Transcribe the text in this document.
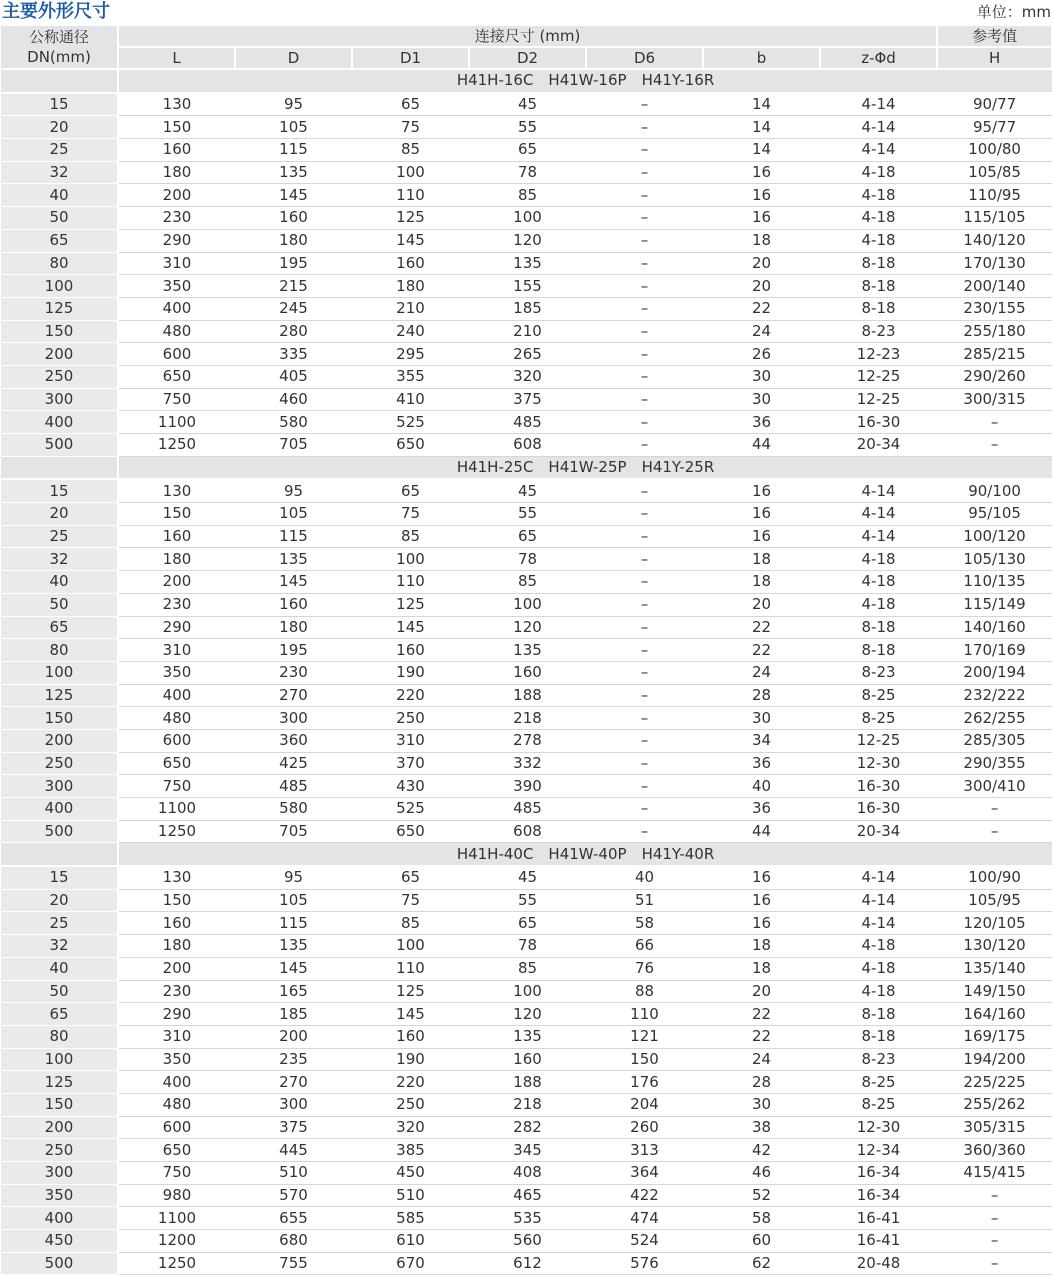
主要外形尺寸	单位：mm
公称通径
DN(mm)	连接尺寸 (mm)							参考值
	L	D	D1	D2	D6	b	z-Φd	H
	H41H-16C　H41W-16P　H41Y-16R							
15	130	95	65	45	–	14	4-14	90/77
20	150	105	75	55	–	14	4-14	95/77
25	160	115	85	65	–	14	4-14	100/80
32	180	135	100	78	–	16	4-18	105/85
40	200	145	110	85	–	16	4-18	110/95
50	230	160	125	100	–	16	4-18	115/105
65	290	180	145	120	–	18	4-18	140/120
80	310	195	160	135	–	20	8-18	170/130
100	350	215	180	155	–	20	8-18	200/140
125	400	245	210	185	–	22	8-18	230/155
150	480	280	240	210	–	24	8-23	255/180
200	600	335	295	265	–	26	12-23	285/215
250	650	405	355	320	–	30	12-25	290/260
300	750	460	410	375	–	30	12-25	300/315
400	1100	580	525	485	–	36	16-30	–
500	1250	705	650	608	–	44	20-34	–
	H41H-25C　H41W-25P　H41Y-25R							
15	130	95	65	45	–	16	4-14	90/100
20	150	105	75	55	–	16	4-14	95/105
25	160	115	85	65	–	16	4-14	100/120
32	180	135	100	78	–	18	4-18	105/130
40	200	145	110	85	–	18	4-18	110/135
50	230	160	125	100	–	20	4-18	115/149
65	290	180	145	120	–	22	8-18	140/160
80	310	195	160	135	–	22	8-18	170/169
100	350	230	190	160	–	24	8-23	200/194
125	400	270	220	188	–	28	8-25	232/222
150	480	300	250	218	–	30	8-25	262/255
200	600	360	310	278	–	34	12-25	285/305
250	650	425	370	332	–	36	12-30	290/355
300	750	485	430	390	–	40	16-30	300/410
400	1100	580	525	485	–	36	16-30	–
500	1250	705	650	608	–	44	20-34	–
	H41H-40C　H41W-40P　H41Y-40R							
15	130	95	65	45	40	16	4-14	100/90
20	150	105	75	55	51	16	4-14	105/95
25	160	115	85	65	58	16	4-14	120/105
32	180	135	100	78	66	18	4-18	130/120
40	200	145	110	85	76	18	4-18	135/140
50	230	165	125	100	88	20	4-18	149/150
65	290	185	145	120	110	22	8-18	164/160
80	310	200	160	135	121	22	8-18	169/175
100	350	235	190	160	150	24	8-23	194/200
125	400	270	220	188	176	28	8-25	225/225
150	480	300	250	218	204	30	8-25	255/262
200	600	375	320	282	260	38	12-30	305/315
250	650	445	385	345	313	42	12-34	360/360
300	750	510	450	408	364	46	16-34	415/415
350	980	570	510	465	422	52	16-34	–
400	1100	655	585	535	474	58	16-41	–
450	1200	680	610	560	524	60	16-41	–
500	1250	755	670	612	576	62	20-48	–
